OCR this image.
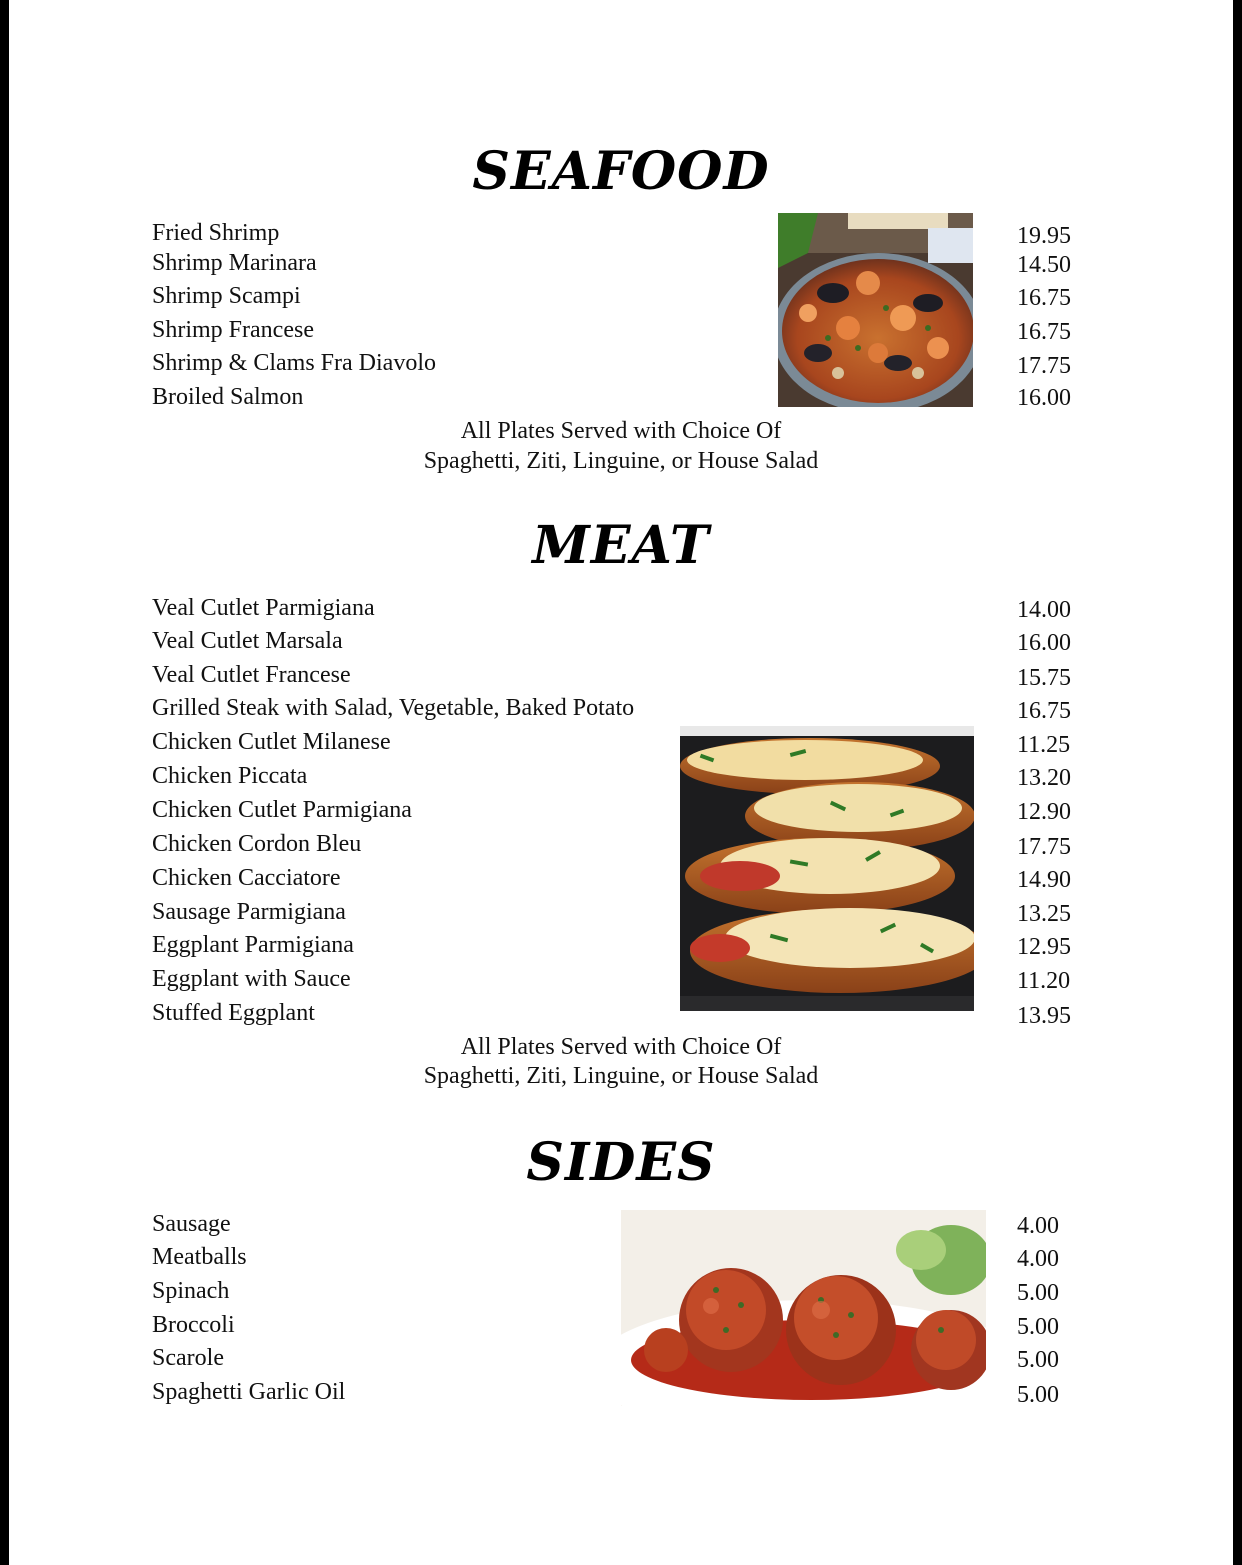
SEAFOOD
Fried Shrimp	19.95
Shrimp Marinara	14.50
Shrimp Scampi	16.75
Shrimp Francese	16.75
Shrimp & Clams Fra Diavolo	17.75
Broiled Salmon	16.00
All Plates Served with Choice Of
Spaghetti, Ziti, Linguine, or House Salad
MEAT
Veal Cutlet Parmigiana	14.00
Veal Cutlet Marsala	16.00
Veal Cutlet Francese	15.75
Grilled Steak with Salad, Vegetable, Baked Potato	16.75
Chicken Cutlet Milanese	11.25
Chicken Piccata	13.20
Chicken Cutlet Parmigiana	12.90
Chicken Cordon Bleu	17.75
Chicken Cacciatore	14.90
Sausage Parmigiana	13.25
Eggplant Parmigiana	12.95
Eggplant with Sauce	11.20
Stuffed Eggplant	13.95
All Plates Served with Choice Of
Spaghetti, Ziti, Linguine, or House Salad
SIDES
Sausage	4.00
Meatballs	4.00
Spinach	5.00
Broccoli	5.00
Scarole	5.00
Spaghetti Garlic Oil	5.00
